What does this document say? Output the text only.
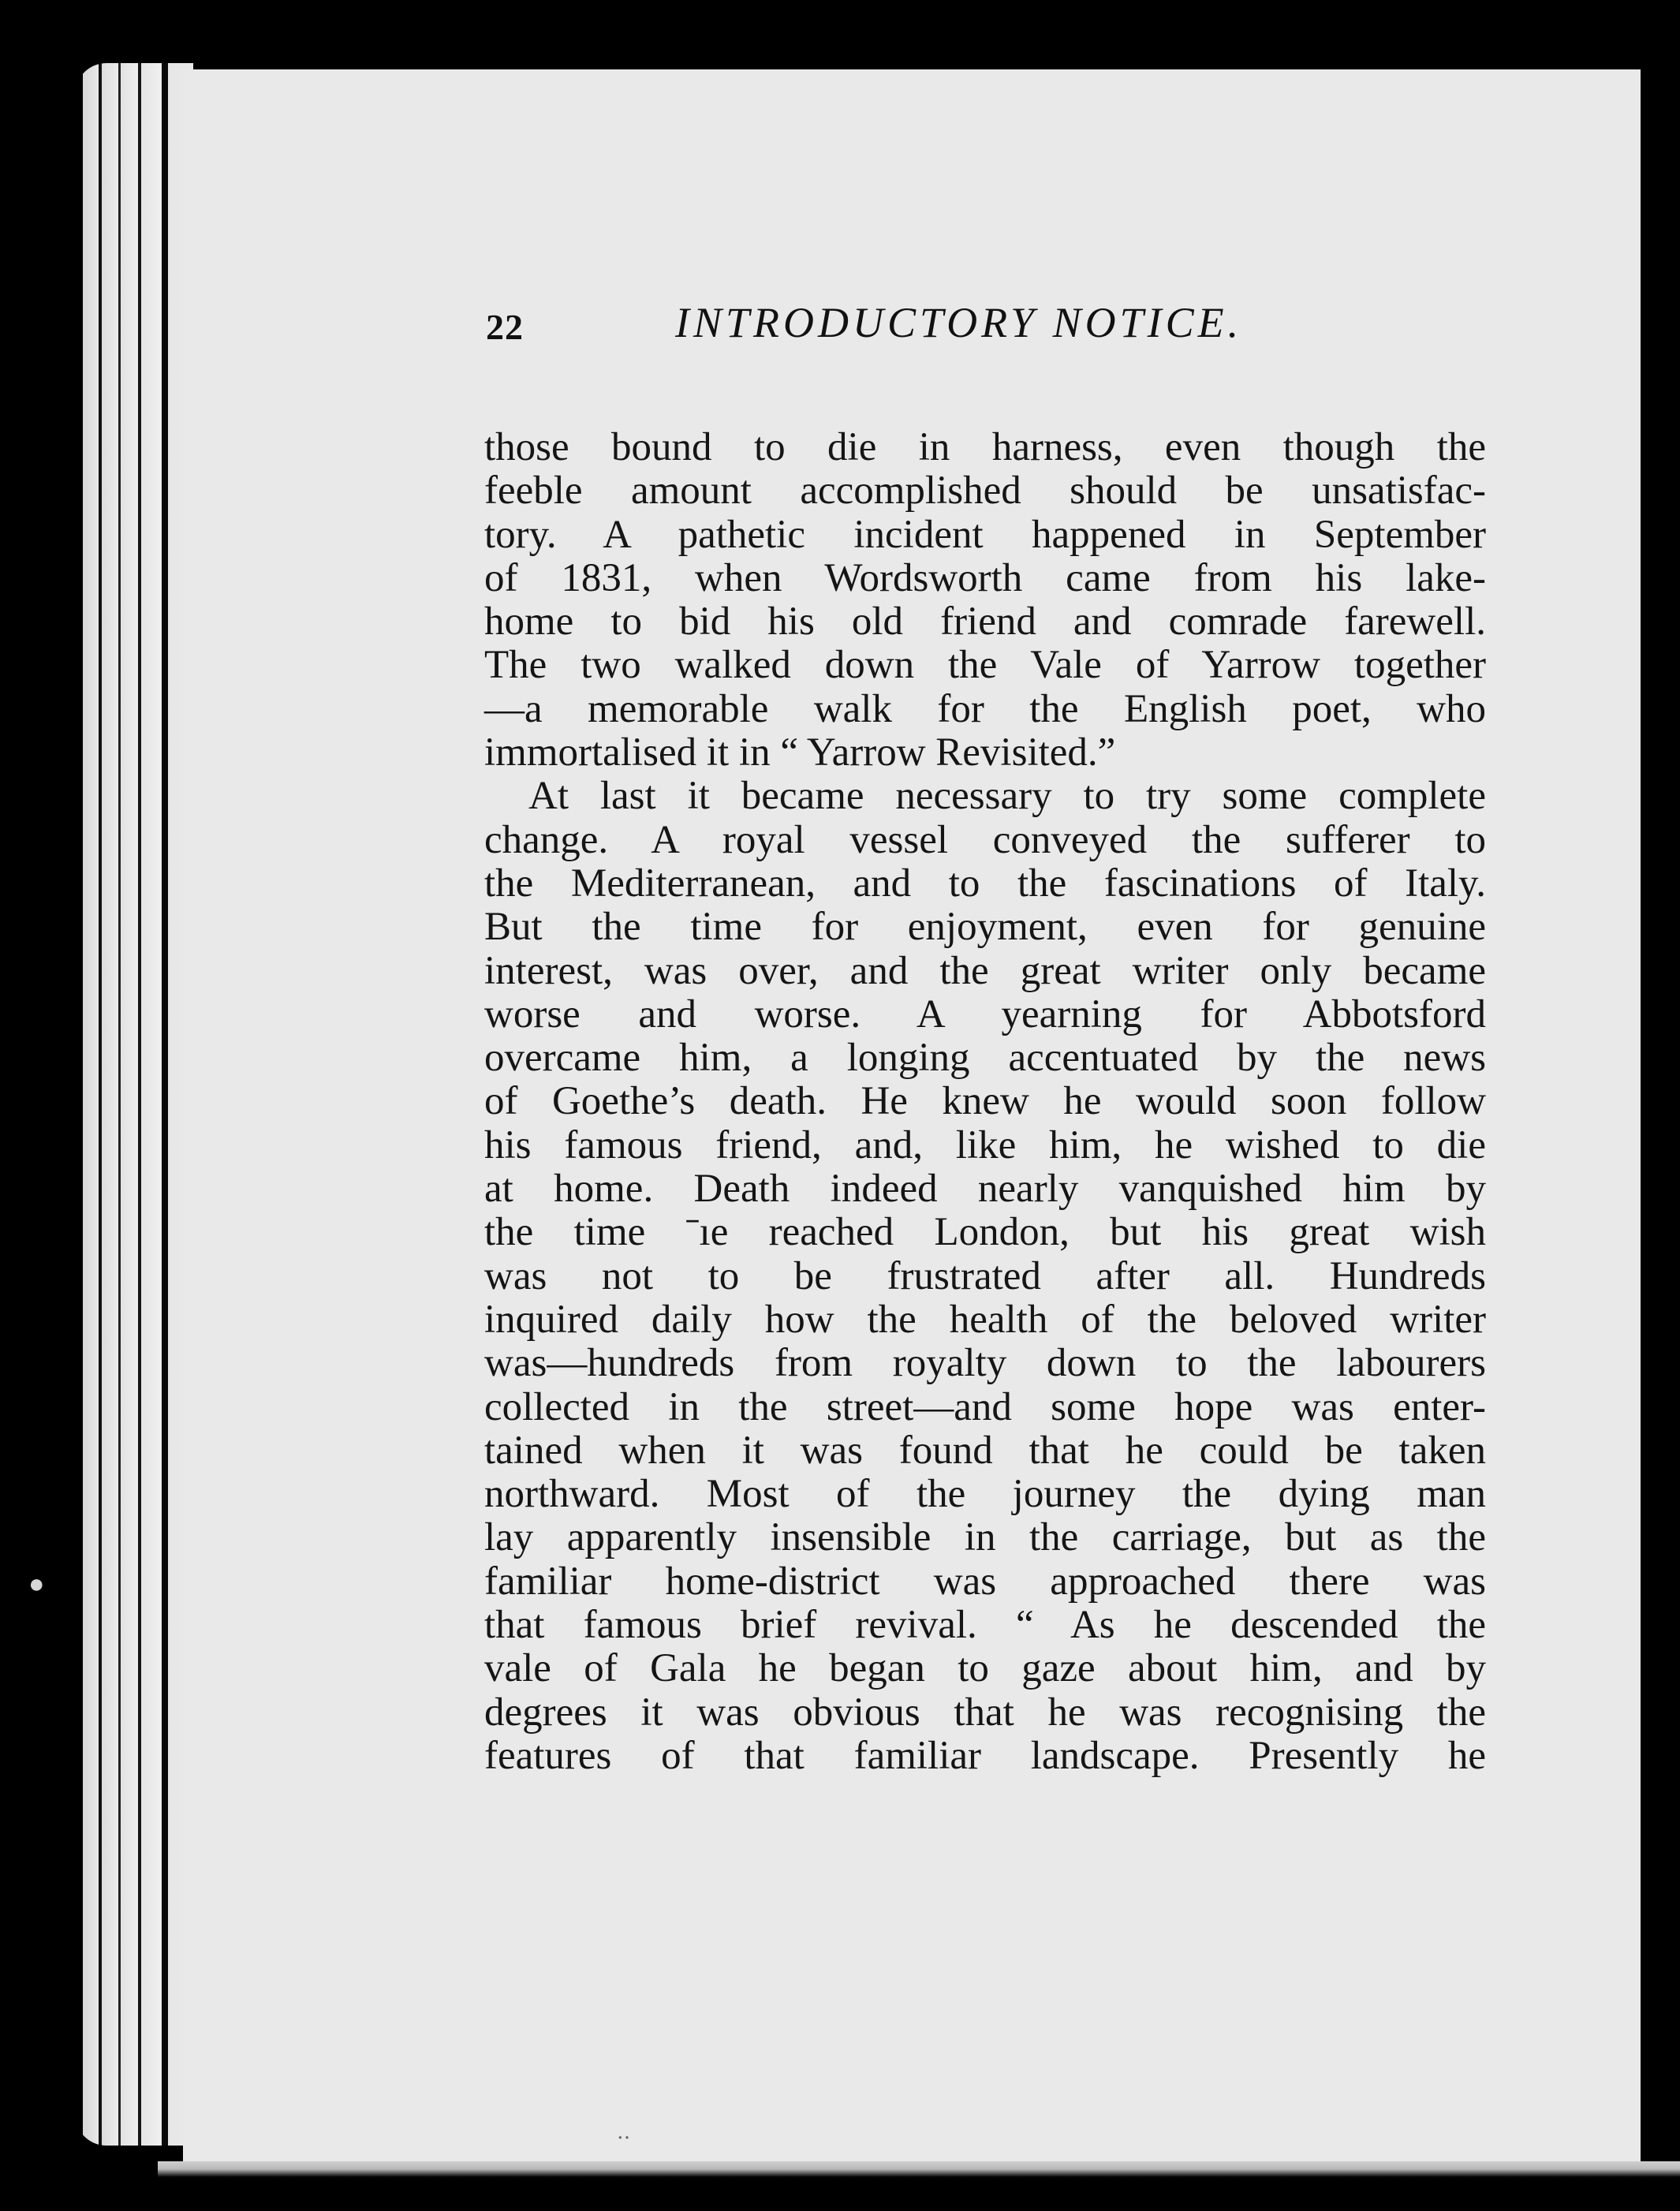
●
22	INTRODUCTORY NOTICE.
those bound to die in harness, even though the
feeble amount accomplished should be unsatisfac-
tory. A pathetic incident happened in September
of 1831, when Wordsworth came from his lake-
home to bid his old friend and comrade farewell.
The two walked down the Vale of Yarrow together
—a memorable walk for the English poet, who
immortalised it in “ Yarrow Revisited.”
At last it became necessary to try some complete
change. A royal vessel conveyed the sufferer to
the Mediterranean, and to the fascinations of Italy.
But the time for enjoyment, even for genuine
interest, was over, and the great writer only became
worse and worse. A yearning for Abbotsford
overcame him, a longing accentuated by the news
of Goethe’s death. He knew he would soon follow
his famous friend, and, like him, he wished to die
at home. Death indeed nearly vanquished him by
the time ˉıe reached London, but his great wish
was not to be frustrated after all. Hundreds
inquired daily how the health of the beloved writer
was—hundreds from royalty down to the labourers
collected in the street—and some hope was enter-
tained when it was found that he could be taken
northward. Most of the journey the dying man
lay apparently insensible in the carriage, but as the
familiar home-district was approached there was
that famous brief revival. “ As he descended the
vale of Gala he began to gaze about him, and by
degrees it was obvious that he was recognising the
features of that familiar landscape. Presently he
․․
